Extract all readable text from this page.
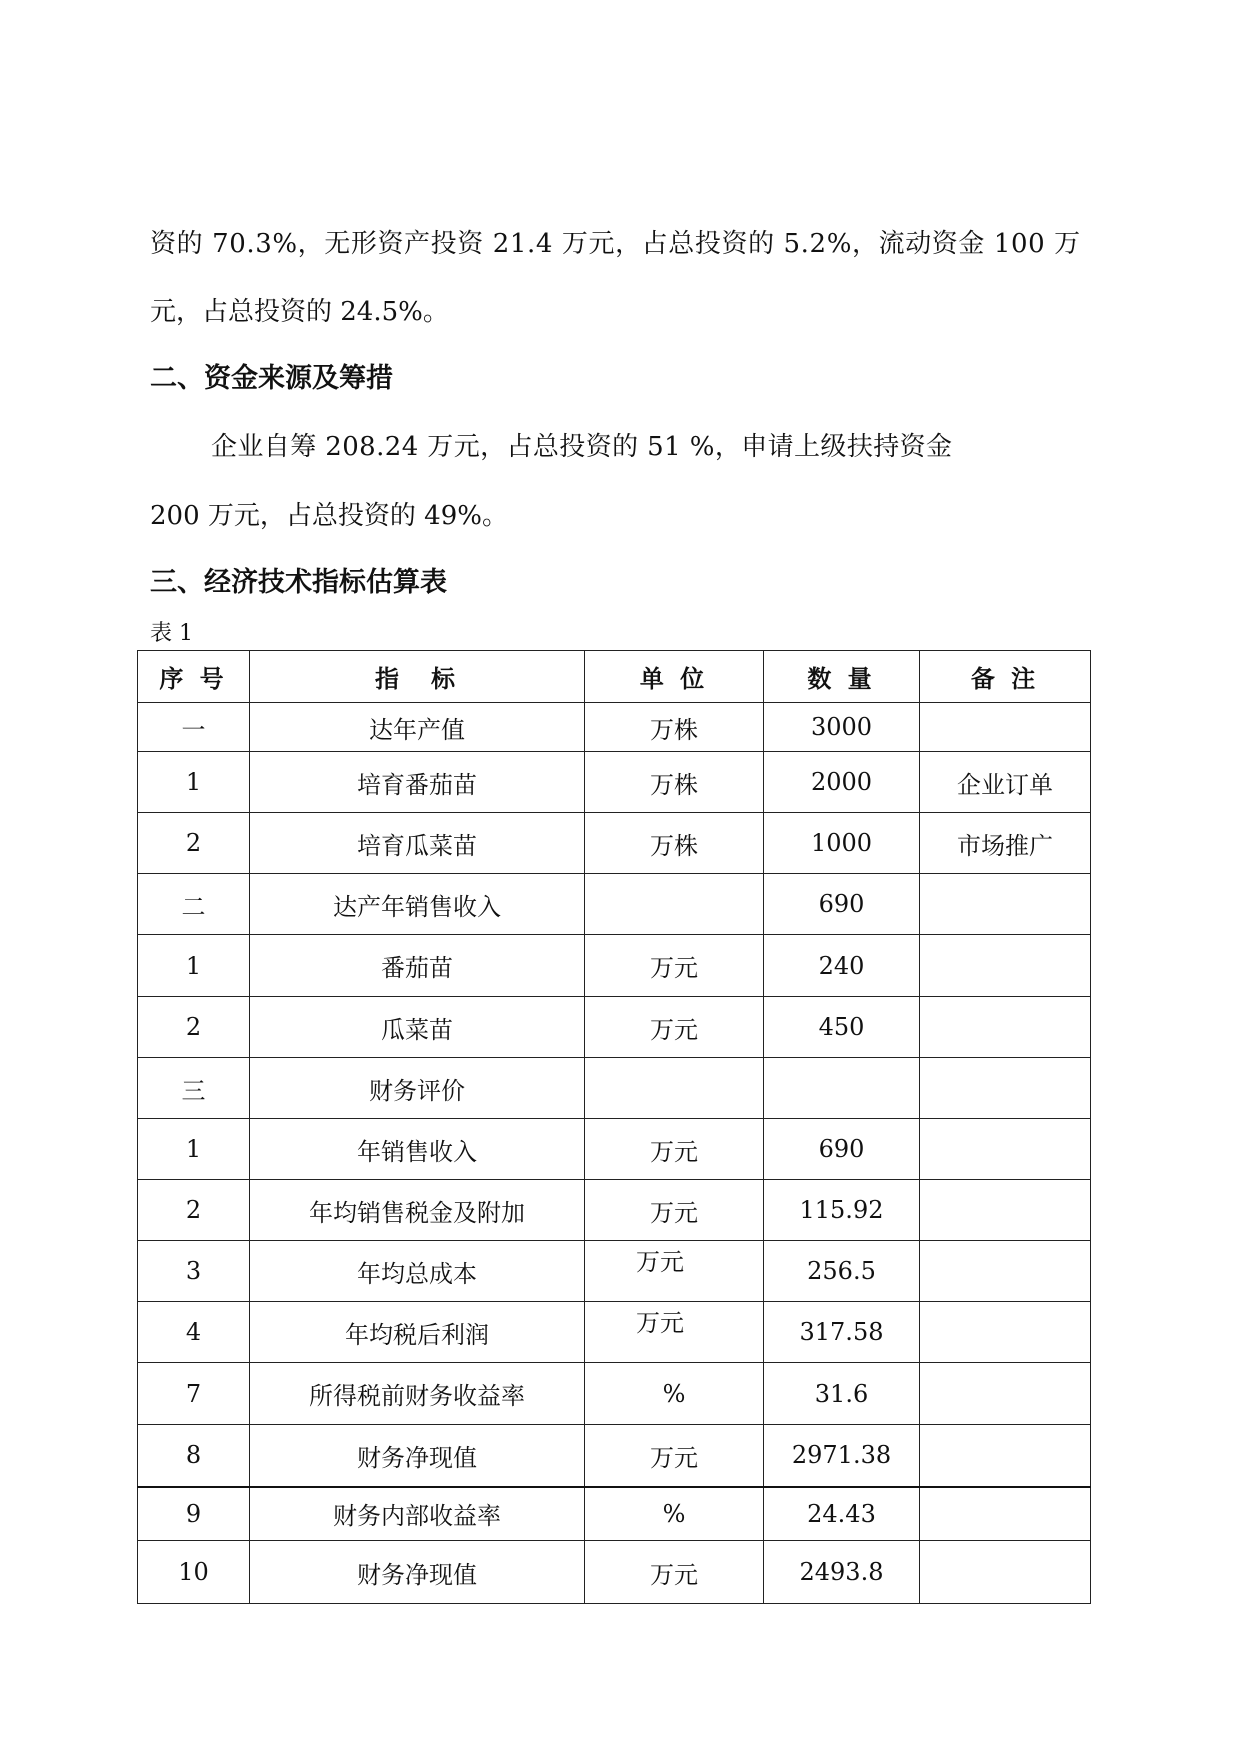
资的 70.3%，无形资产投资 21.4 万元，占总投资的 5.2%，流动资金 100 万
元，占总投资的 24.5%。
二、资金来源及筹措
企业自筹 208.24 万元，占总投资的 51 %，申请上级扶持资金
200 万元，占总投资的 49%。
三、经济技术指标估算表
表 1
序 号	指　标	单 位	数 量	备 注
一	达年产值	万株	3000	
1	培育番茄苗	万株	2000	企业订单
2	培育瓜菜苗	万株	1000	市场推广
二	达产年销售收入		690	
1	番茄苗	万元	240	
2	瓜菜苗	万元	450	
三	财务评价			
1	年销售收入	万元	690	
2	年均销售税金及附加	万元	115.92	
3	年均总成本	万元	256.5	
4	年均税后利润	万元	317.58	
7	所得税前财务收益率	%	31.6	
8	财务净现值	万元	2971.38	
9	财务内部收益率	%	24.43	
10	财务净现值	万元	2493.8	
